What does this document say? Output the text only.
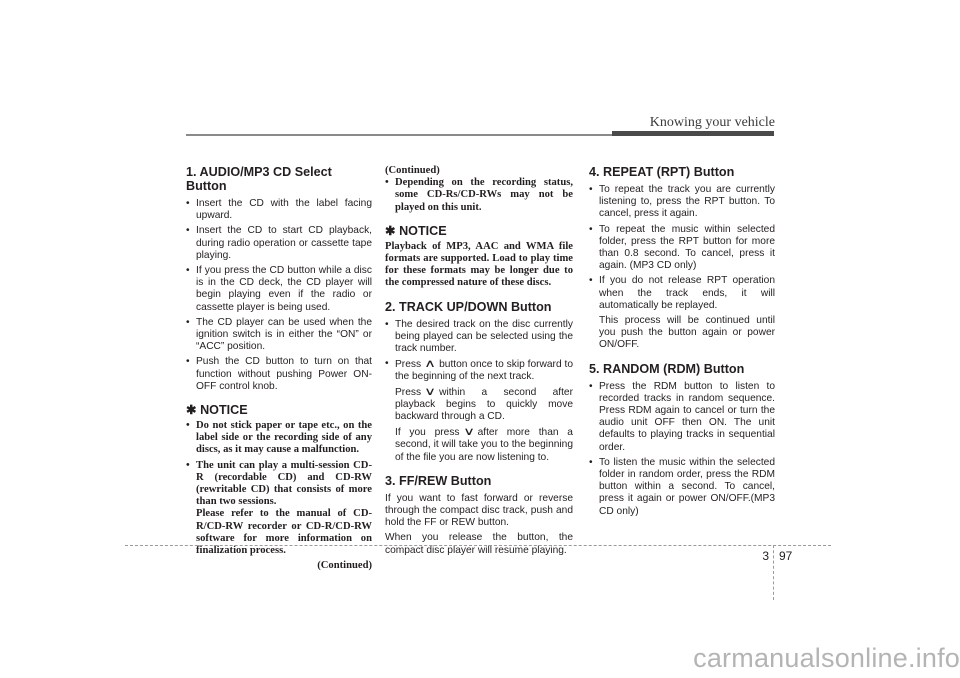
Knowing your vehicle
1. AUDIO/MP3 CD Select Button
• Insert the CD with the label facing upward.
• Insert the CD to start CD playback, during radio operation or cassette tape playing.
• If you press the CD button while a disc is in the CD deck, the CD player will begin playing even if the radio or cassette player is being used.
• The CD player can be used when the ignition switch is in either the “ON” or “ACC” position.
• Push the CD button to turn on that function without pushing Power ON-OFF control knob.
✱ NOTICE
• Do not stick paper or tape etc., on the label side or the recording side of any discs, as it may cause a malfunction.
• The unit can play a multi-session CD-R (recordable CD) and CD-RW (rewritable CD) that consists of more than two sessions.
Please refer to the manual of CD-R/CD-RW recorder or CD-R/CD-RW software for more information on finalization process.
(Continued)
(Continued)
• Depending on the recording status, some CD-Rs/CD-RWs may not be played on this unit.
✱ NOTICE
Playback of MP3, AAC and WMA file formats are supported. Load to play time for these formats may be longer due to the compressed nature of these discs.
2. TRACK UP/DOWN Button
• The desired track on the disc currently being played can be selected using the track number.
• Press ∧ button once to skip forward to the beginning of the next track.
Press ∨ within a second after playback begins to quickly move backward through a CD.
If you press ∨ after more than a second, it will take you to the beginning of the file you are now listening to.
3. FF/REW Button
If you want to fast forward or reverse through the compact disc track, push and hold the FF or REW button.
When you release the button, the compact disc player will resume playing.
4. REPEAT (RPT) Button
• To repeat the track you are currently listening to, press the RPT button. To cancel, press it again.
• To repeat the music within selected folder, press the RPT button for more than 0.8 second. To cancel, press it again. (MP3 CD only)
• If you do not release RPT operation when the track ends, it will automatically be replayed.
This process will be continued until you push the button again or power ON/OFF.
5. RANDOM (RDM) Button
• Press the RDM button to listen to recorded tracks in random sequence. Press RDM again to cancel or turn the audio unit OFF then ON. The unit defaults to playing tracks in sequential order.
• To listen the music within the selected folder in random order, press the RDM button within a second. To cancel, press it again or power ON/OFF.(MP3 CD only)
3 97
carmanualsonline.info
